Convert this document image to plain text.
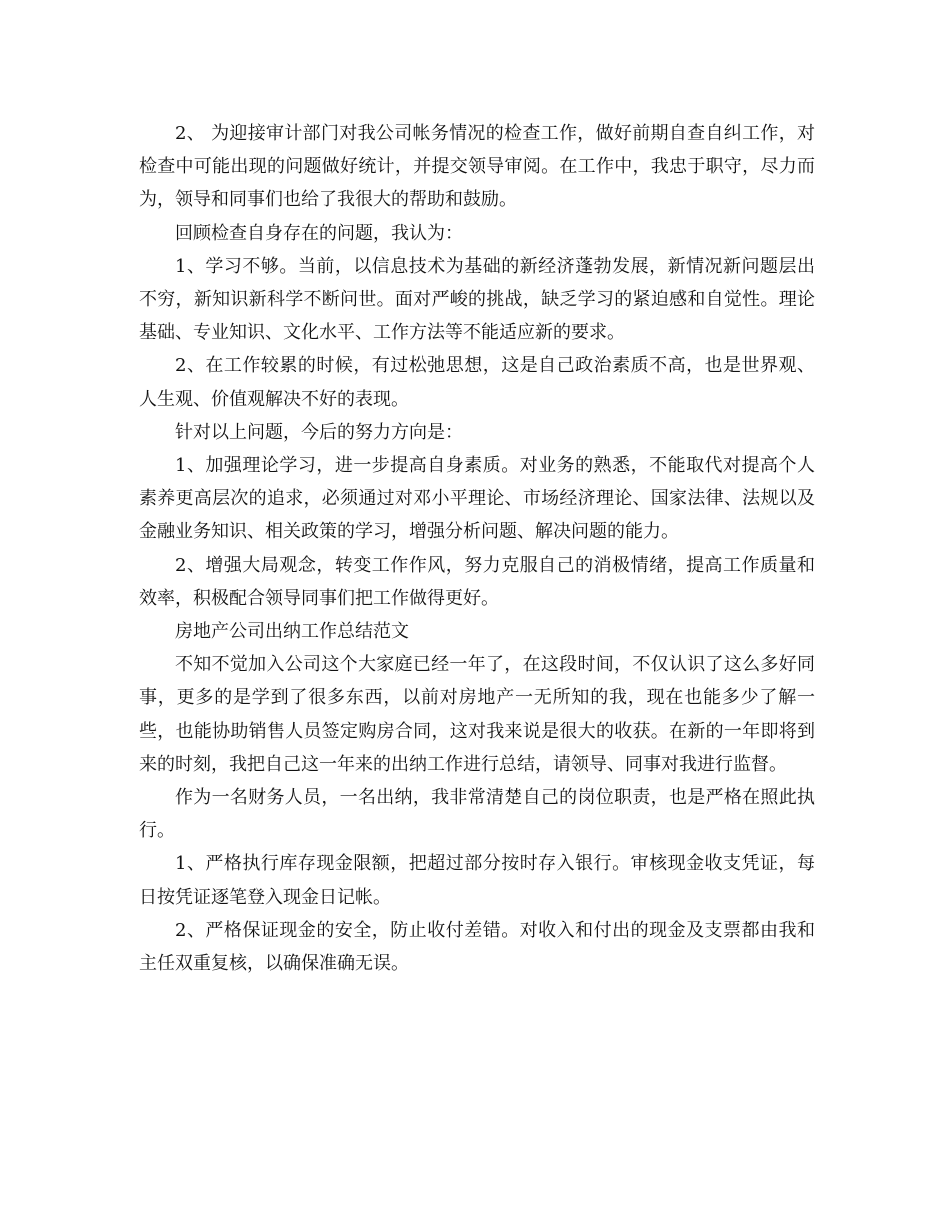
2、 为迎接审计部门对我公司帐务情况的检查工作，做好前期自查自纠工作，对检查中可能出现的问题做好统计，并提交领导审阅。在工作中，我忠于职守，尽力而为，领导和同事们也给了我很大的帮助和鼓励。

回顾检查自身存在的问题，我认为：

1、学习不够。当前，以信息技术为基础的新经济蓬勃发展，新情况新问题层出不穷，新知识新科学不断问世。面对严峻的挑战，缺乏学习的紧迫感和自觉性。理论基础、专业知识、文化水平、工作方法等不能适应新的要求。

2、在工作较累的时候，有过松弛思想，这是自己政治素质不高，也是世界观、人生观、价值观解决不好的表现。

针对以上问题，今后的努力方向是：

1、加强理论学习，进一步提高自身素质。对业务的熟悉，不能取代对提高个人素养更高层次的追求，必须通过对邓小平理论、市场经济理论、国家法律、法规以及金融业务知识、相关政策的学习，增强分析问题、解决问题的能力。

2、增强大局观念，转变工作作风，努力克服自己的消极情绪，提高工作质量和效率，积极配合领导同事们把工作做得更好。

房地产公司出纳工作总结范文

不知不觉加入公司这个大家庭已经一年了，在这段时间，不仅认识了这么多好同事，更多的是学到了很多东西，以前对房地产一无所知的我，现在也能多少了解一些，也能协助销售人员签定购房合同，这对我来说是很大的收获。在新的一年即将到来的时刻，我把自己这一年来的出纳工作进行总结，请领导、同事对我进行监督。

作为一名财务人员，一名出纳，我非常清楚自己的岗位职责，也是严格在照此执行。

1、严格执行库存现金限额，把超过部分按时存入银行。审核现金收支凭证，每日按凭证逐笔登入现金日记帐。

2、严格保证现金的安全，防止收付差错。对收入和付出的现金及支票都由我和主任双重复核，以确保准确无误。
